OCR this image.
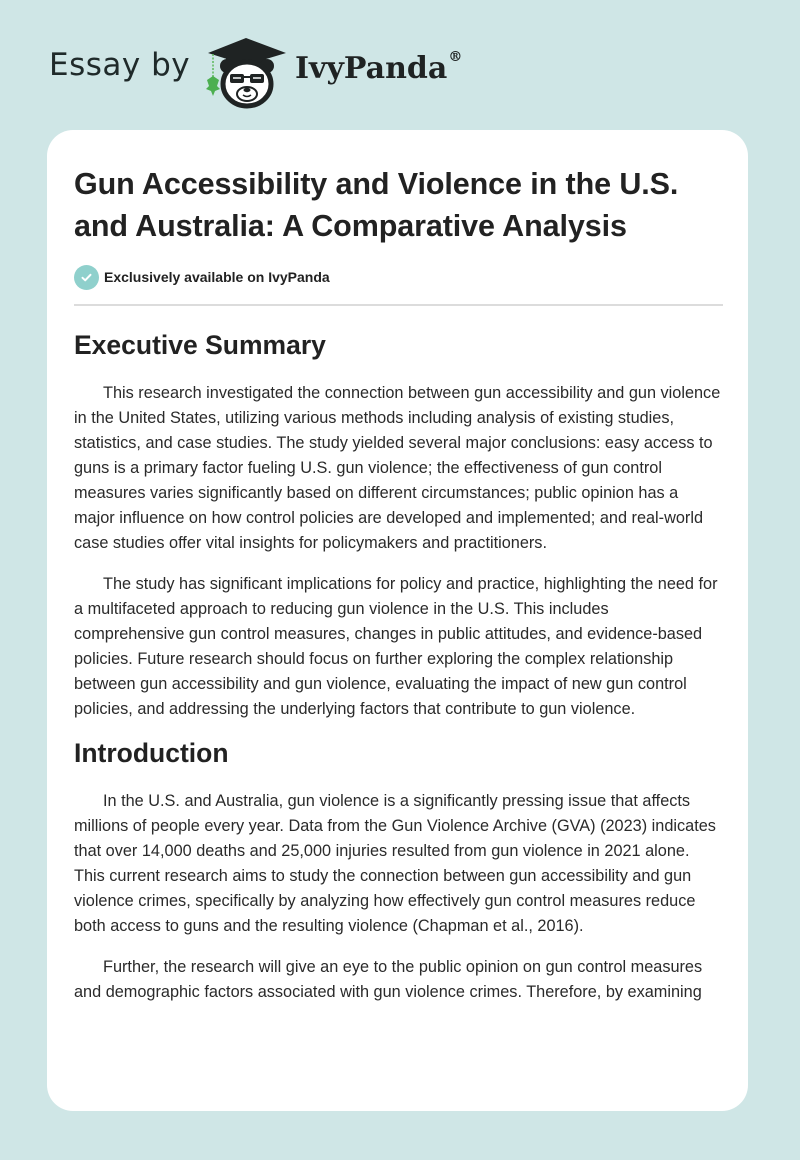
Essay by	IvyPanda®
Gun Accessibility and Violence in the U.S. and Australia: A Comparative Analysis
Exclusively available on IvyPanda
Executive Summary

This research investigated the connection between gun accessibility and gun violence in the United States, utilizing various methods including analysis of existing studies, statistics, and case studies. The study yielded several major conclusions: easy access to guns is a primary factor fueling U.S. gun violence; the effectiveness of gun control measures varies significantly based on different circumstances; public opinion has a major influence on how control policies are developed and implemented; and real-world case studies offer vital insights for policymakers and practitioners.

The study has significant implications for policy and practice, highlighting the need for a multifaceted approach to reducing gun violence in the U.S. This includes comprehensive gun control measures, changes in public attitudes, and evidence-based policies. Future research should focus on further exploring the complex relationship between gun accessibility and gun violence, evaluating the impact of new gun control policies, and addressing the underlying factors that contribute to gun violence.

Introduction

In the U.S. and Australia, gun violence is a significantly pressing issue that affects millions of people every year. Data from the Gun Violence Archive (GVA) (2023) indicates that over 14,000 deaths and 25,000 injuries resulted from gun violence in 2021 alone. This current research aims to study the connection between gun accessibility and gun violence crimes, specifically by analyzing how effectively gun control measures reduce both access to guns and the resulting violence (Chapman et al., 2016).

Further, the research will give an eye to the public opinion on gun control measures and demographic factors associated with gun violence crimes. Therefore, by examining
